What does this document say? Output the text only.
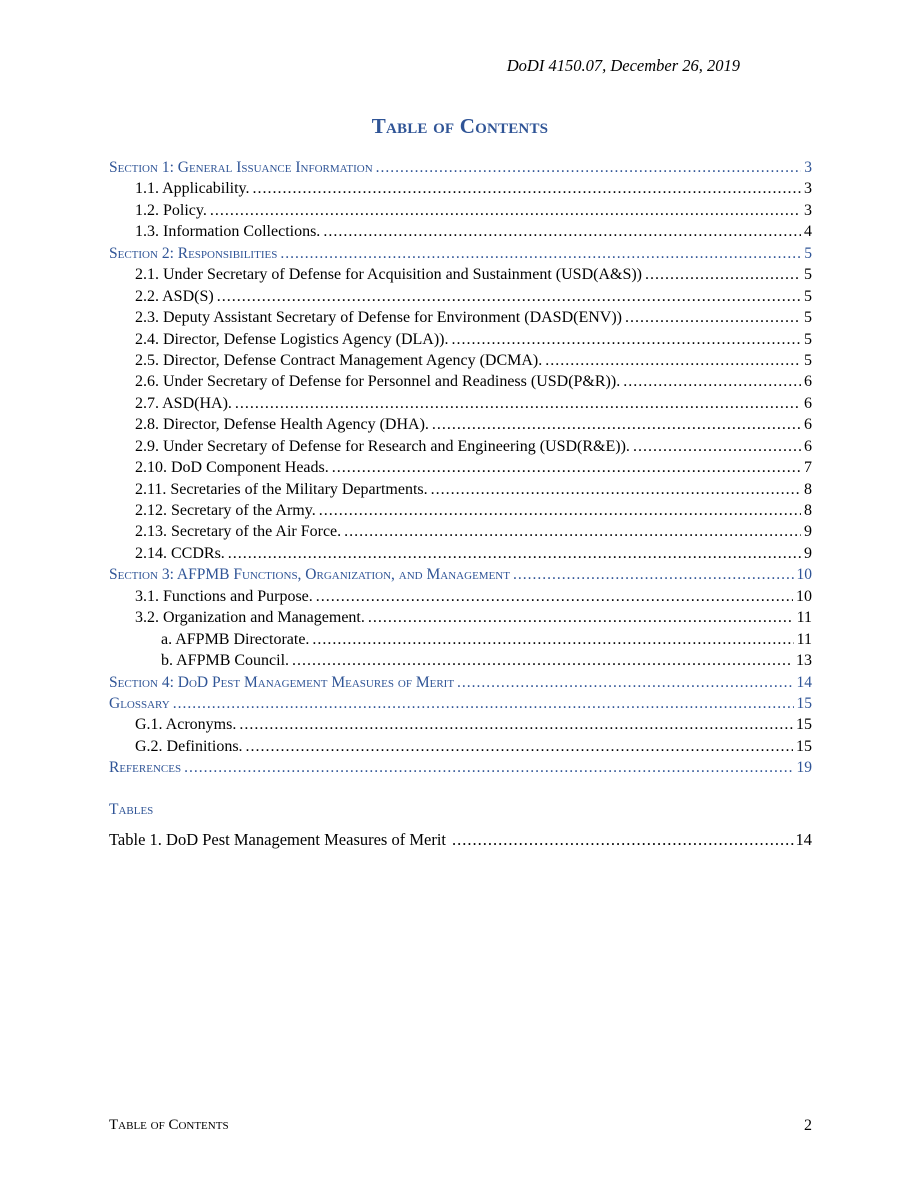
DoDI 4150.07, December 26, 2019
Table of Contents
Section 1: General Issuance Information .....	3
1.1. Applicability. .....	3
1.2. Policy. .....	3
1.3. Information Collections. .....	4
Section 2: Responsibilities .....	5
2.1. Under Secretary of Defense for Acquisition and Sustainment (USD(A&S)) .....	5
2.2. ASD(S) .....	5
2.3. Deputy Assistant Secretary of Defense for Environment (DASD(ENV)) .....	5
2.4. Director, Defense Logistics Agency (DLA)). .....	5
2.5. Director, Defense Contract Management Agency (DCMA). .....	5
2.6. Under Secretary of Defense for Personnel and Readiness (USD(P&R)). .....	6
2.7. ASD(HA). .....	6
2.8. Director, Defense Health Agency (DHA). .....	6
2.9. Under Secretary of Defense for Research and Engineering (USD(R&E)). .....	6
2.10. DoD Component Heads. .....	7
2.11. Secretaries of the Military Departments. .....	8
2.12. Secretary of the Army. .....	8
2.13. Secretary of the Air Force. .....	9
2.14. CCDRs. .....	9
Section 3: AFPMB Functions, Organization, and Management .....	10
3.1. Functions and Purpose. .....	10
3.2. Organization and Management. .....	11
a. AFPMB Directorate. .....	11
b. AFPMB Council. .....	13
Section 4: DoD Pest Management Measures of Merit .....	14
Glossary .....	15
G.1. Acronyms. .....	15
G.2. Definitions. .....	15
References .....	19
Tables
Table 1. DoD Pest Management Measures of Merit .....	14
Table of Contents	2
